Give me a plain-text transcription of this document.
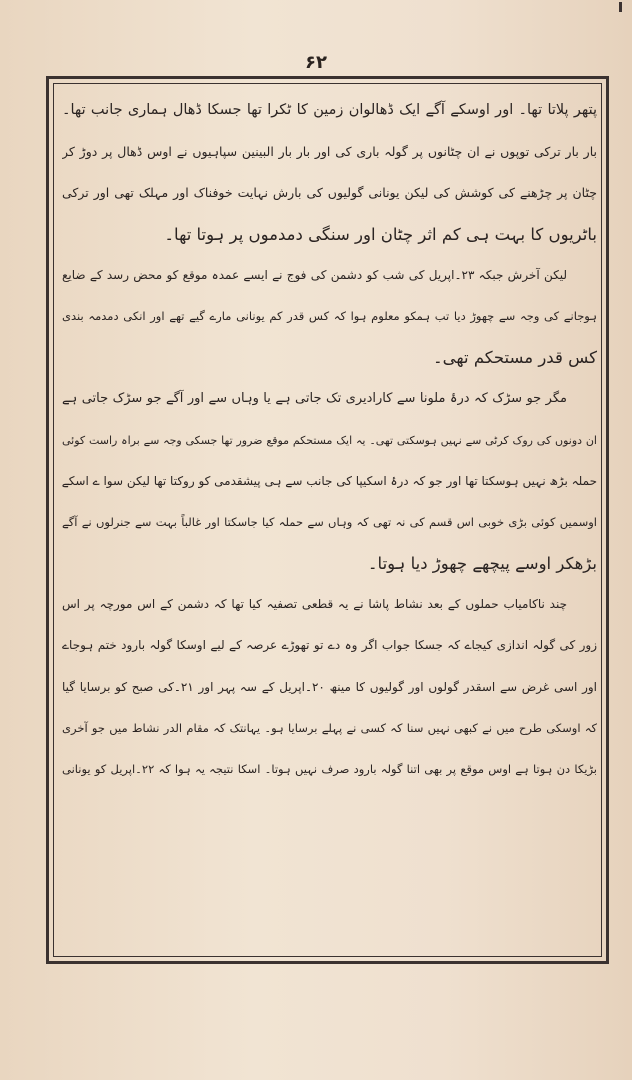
۶۲
پتھر پلاتا تھا۔ اور اوسکے آگے ایک ڈھالوان زمین کا ٹکرا تھا جسکا ڈھال ہماری جانب تھا۔
بار بار ترکی توپوں نے ان چٹانوں پر گولہ باری کی اور بار بار البینین سپاہیوں نے اوس ڈھال پر دوڑ کر
چٹان پر چڑھنے کی کوشش کی لیکن یونانی گولیوں کی بارش نہایت خوفناک اور مہلک تھی اور ترکی
باٹریوں کا بہت ہی کم اثر چٹان اور سنگی دمدموں پر ہوتا تھا۔
لیکن آخرش جبکہ ۲۳۔اپریل کی شب کو دشمن کی فوج نے ایسے عمدہ موقع کو محض رسد کے ضایع
ہوجانے کی وجہ سے چھوڑ دیا تب ہمکو معلوم ہوا کہ کس قدر کم یونانی مارے گیے تھے اور انکی دمدمہ بندی
کس قدر مستحکم تھی۔
مگر جو سڑک کہ درۂ ملونا سے کارادیری تک جاتی ہے یا وہاں سے اور آگے جو سڑک جاتی ہے
ان دونوں کی روک کرٹی سے نہیں ہوسکتی تھی۔ یہ ایک مستحکم موقع ضرور تھا جسکی وجہ سے براہ راست کوئی
حملہ بڑھ نہیں ہوسکتا تھا اور جو کہ درۂ اسکیپا کی جانب سے ہی پیشقدمی کو روکتا تھا لیکن سوا ے اسکے
اوسمیں کوئی بڑی خوبی اس قسم کی نہ تھی کہ وہاں سے حملہ کیا جاسکتا اور غالباً بہت سے جنرلوں نے آگے
بڑھکر اوسے پیچھے چھوڑ دیا ہوتا۔
چند ناکامیاب حملوں کے بعد نشاط پاشا نے یہ قطعی تصفیہ کیا تھا کہ دشمن کے اس مورچہ پر اس
زور کی گولہ اندازی کیجاے کہ جسکا جواب اگر وہ دے تو تھوڑے عرصہ کے لیے اوسکا گولہ بارود ختم ہوجاے
اور اسی غرض سے اسقدر گولوں اور گولیوں کا مینھ ۲۰۔اپریل کے سہ پہر اور ۲۱۔کی صبح کو برسایا گیا
کہ اوسکی طرح میں نے کبھی نہیں سنا کہ کسی نے پہلے برسایا ہو۔ یہانتک کہ مقام الدر نشاط میں جو آخری
بڑیکا دن ہوتا ہے اوس موقع پر بھی اتنا گولہ بارود صرف نہیں ہوتا۔ اسکا نتیجہ یہ ہوا کہ ۲۲۔اپریل کو یونانی
